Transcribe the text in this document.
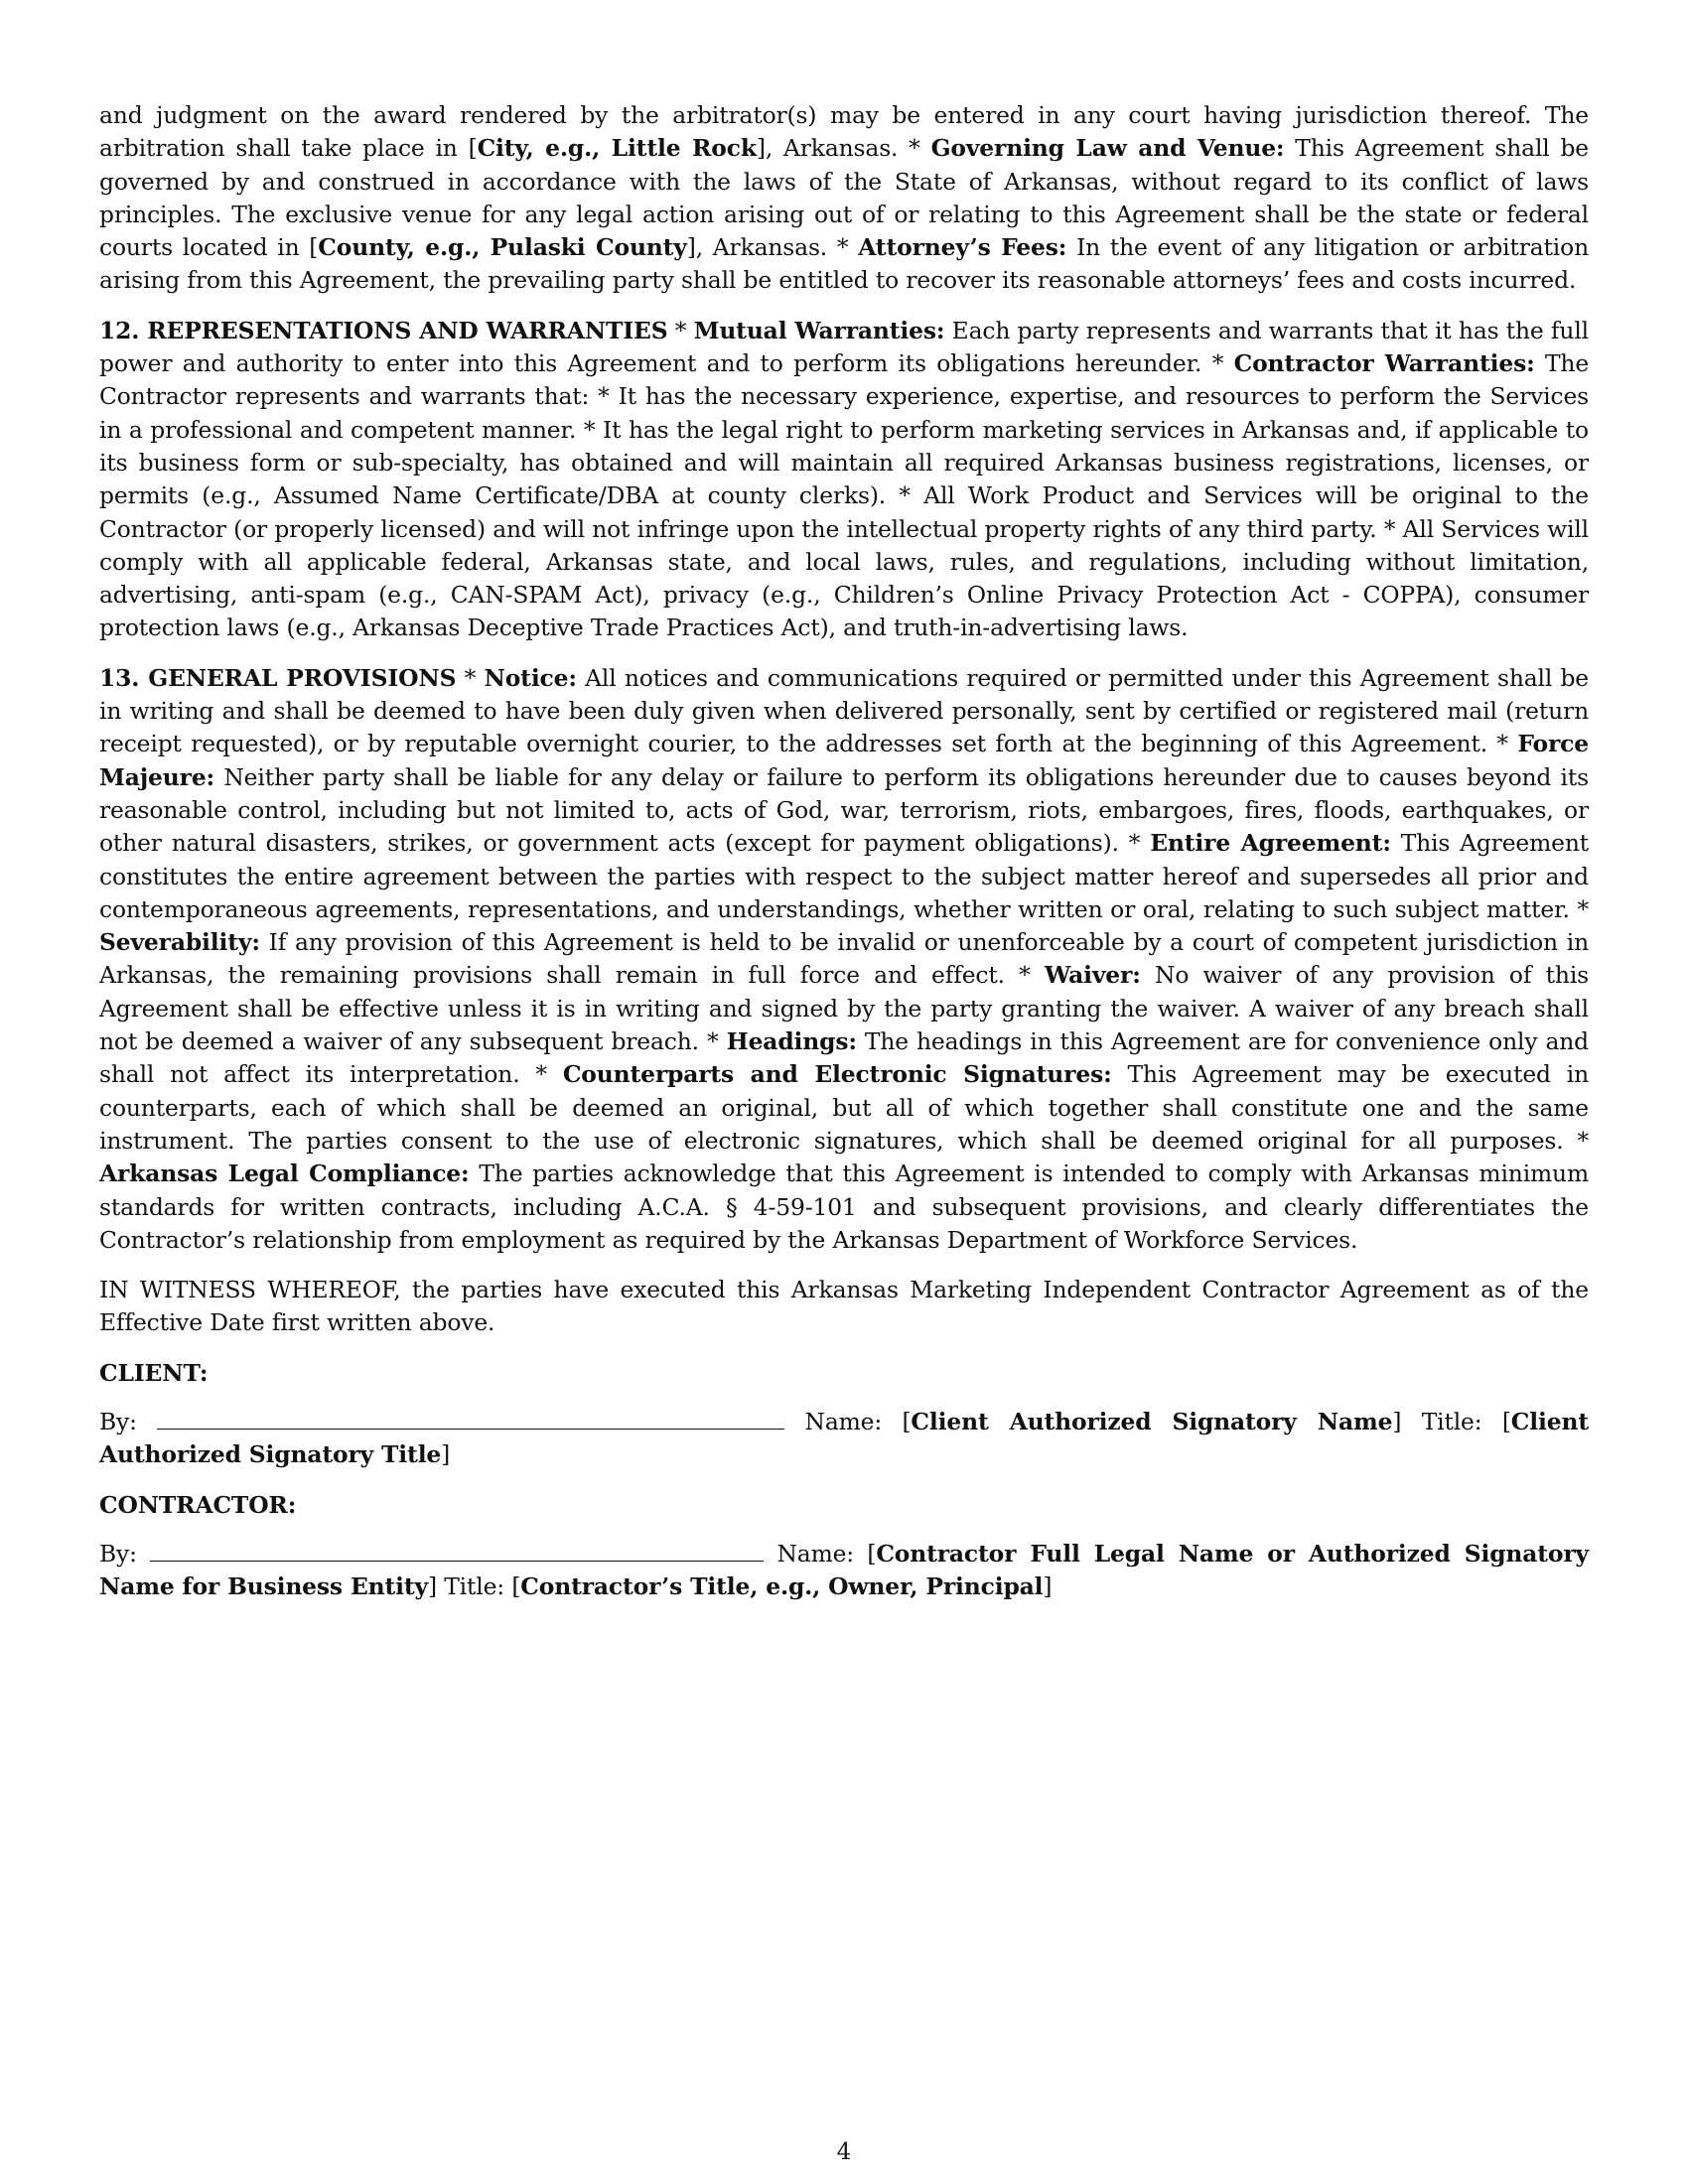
and judgment on the award rendered by the arbitrator(s) may be entered in any court having jurisdiction thereof. The arbitration shall take place in [City, e.g., Little Rock], Arkansas. * Governing Law and Venue: This Agreement shall be governed by and construed in accordance with the laws of the State of Arkansas, without regard to its conflict of laws principles. The exclusive venue for any legal action arising out of or relating to this Agreement shall be the state or federal courts located in [County, e.g., Pulaski County], Arkansas. * Attorney’s Fees: In the event of any litigation or arbitration arising from this Agreement, the prevailing party shall be entitled to recover its reasonable attorneys’ fees and costs incurred.

12. REPRESENTATIONS AND WARRANTIES * Mutual Warranties: Each party represents and warrants that it has the full power and authority to enter into this Agreement and to perform its obligations hereunder. * Contractor Warranties: The Contractor represents and warrants that: * It has the necessary experience, expertise, and resources to perform the Services in a professional and competent manner. * It has the legal right to perform marketing services in Arkansas and, if applicable to its business form or sub-specialty, has obtained and will maintain all required Arkansas business registrations, licenses, or permits (e.g., Assumed Name Certificate/DBA at county clerks). * All Work Product and Services will be original to the Contractor (or properly licensed) and will not infringe upon the intellectual property rights of any third party. * All Services will comply with all applicable federal, Arkansas state, and local laws, rules, and regulations, including without limitation, advertising, anti-spam (e.g., CAN-SPAM Act), privacy (e.g., Children’s Online Privacy Protection Act - COPPA), consumer protection laws (e.g., Arkansas Deceptive Trade Practices Act), and truth-in-advertising laws.

13. GENERAL PROVISIONS * Notice: All notices and communications required or permitted under this Agreement shall be in writing and shall be deemed to have been duly given when delivered personally, sent by certified or registered mail (return receipt requested), or by reputable overnight courier, to the addresses set forth at the beginning of this Agreement. * Force Majeure: Neither party shall be liable for any delay or failure to perform its obligations hereunder due to causes beyond its reasonable control, including but not limited to, acts of God, war, terrorism, riots, embargoes, fires, floods, earthquakes, or other natural disasters, strikes, or government acts (except for payment obligations). * Entire Agreement: This Agreement constitutes the entire agreement between the parties with respect to the subject matter hereof and supersedes all prior and contemporaneous agreements, representations, and understandings, whether written or oral, relating to such subject matter. * Severability: If any provision of this Agreement is held to be invalid or unenforceable by a court of competent jurisdiction in Arkansas, the remaining provisions shall remain in full force and effect. * Waiver: No waiver of any provision of this Agreement shall be effective unless it is in writing and signed by the party granting the waiver. A waiver of any breach shall not be deemed a waiver of any subsequent breach. * Headings: The headings in this Agreement are for convenience only and shall not affect its interpretation. * Counterparts and Electronic Signatures: This Agreement may be executed in counterparts, each of which shall be deemed an original, but all of which together shall constitute one and the same instrument. The parties consent to the use of electronic signatures, which shall be deemed original for all purposes. * Arkansas Legal Compliance: The parties acknowledge that this Agreement is intended to comply with Arkansas minimum standards for written contracts, including A.C.A. § 4-59-101 and subsequent provisions, and clearly differentiates the Contractor’s relationship from employment as required by the Arkansas Department of Workforce Services.

IN WITNESS WHEREOF, the parties have executed this Arkansas Marketing Independent Contractor Agreement as of the Effective Date first written above.

CLIENT:

By:	Name: [Client Authorized Signatory Name] Title: [Client Authorized Signatory Title]

CONTRACTOR:

By:	Name: [Contractor Full Legal Name or Authorized Signatory Name for Business Entity] Title: [Contractor’s Title, e.g., Owner, Principal]

4
